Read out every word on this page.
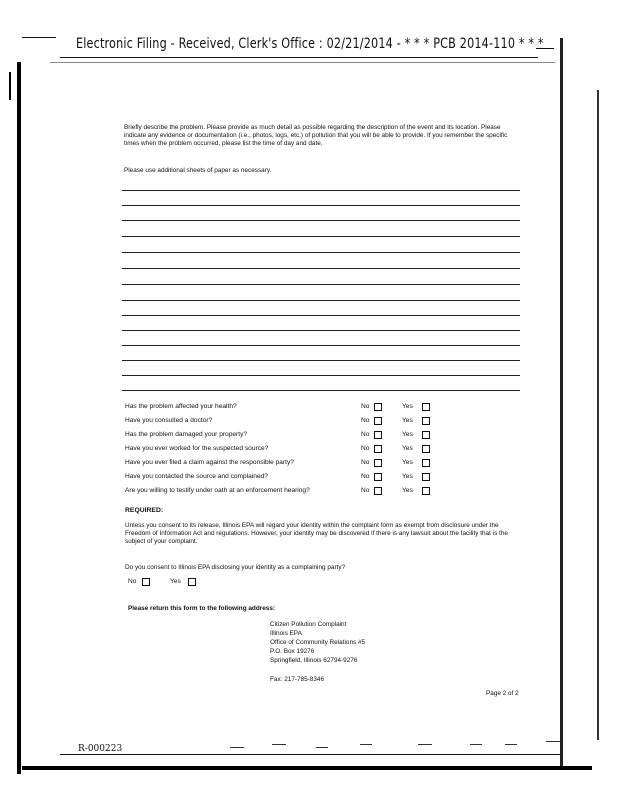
Electronic Filing - Received, Clerk's Office : 02/21/2014 - * * * PCB 2014-110 * * *
Briefly describe the problem. Please provide as much detail as possible regarding the description of the event and its location. Please indicate any evidence or documentation (i.e., photos, logs, etc.) of pollution that you will be able to provide. If you remember the specific times when the problem occurred, please list the time of day and date.
Please use additional sheets of paper as necessary.
Has the problem affected your health?	No	Yes
Have you consulted a doctor?	No	Yes
Has the problem damaged your property?	No	Yes
Have you ever worked for the suspected source?	No	Yes
Have you ever filed a claim against the responsible party?	No	Yes
Have you contacted the source and complained?	No	Yes
Are you willing to testify under oath at an enforcement hearing?	No	Yes
REQUIRED:
Unless you consent to its release, Illinois EPA will regard your identity within the complaint form as exempt from disclosure under the Freedom of Information Act and regulations. However, your identity may be discovered if there is any lawsuit about the facility that is the subject of your complaint.
Do you consent to Illinois EPA disclosing your identity as a complaining party?
No	Yes
Please return this form to the following address:
Citizen Pollution Complaint
Illinois EPA
Office of Community Relations #5
P.O. Box 19276
Springfield, Illinois 62794-9276
Fax: 217-785-8346
Page 2 of 2
R-000223
